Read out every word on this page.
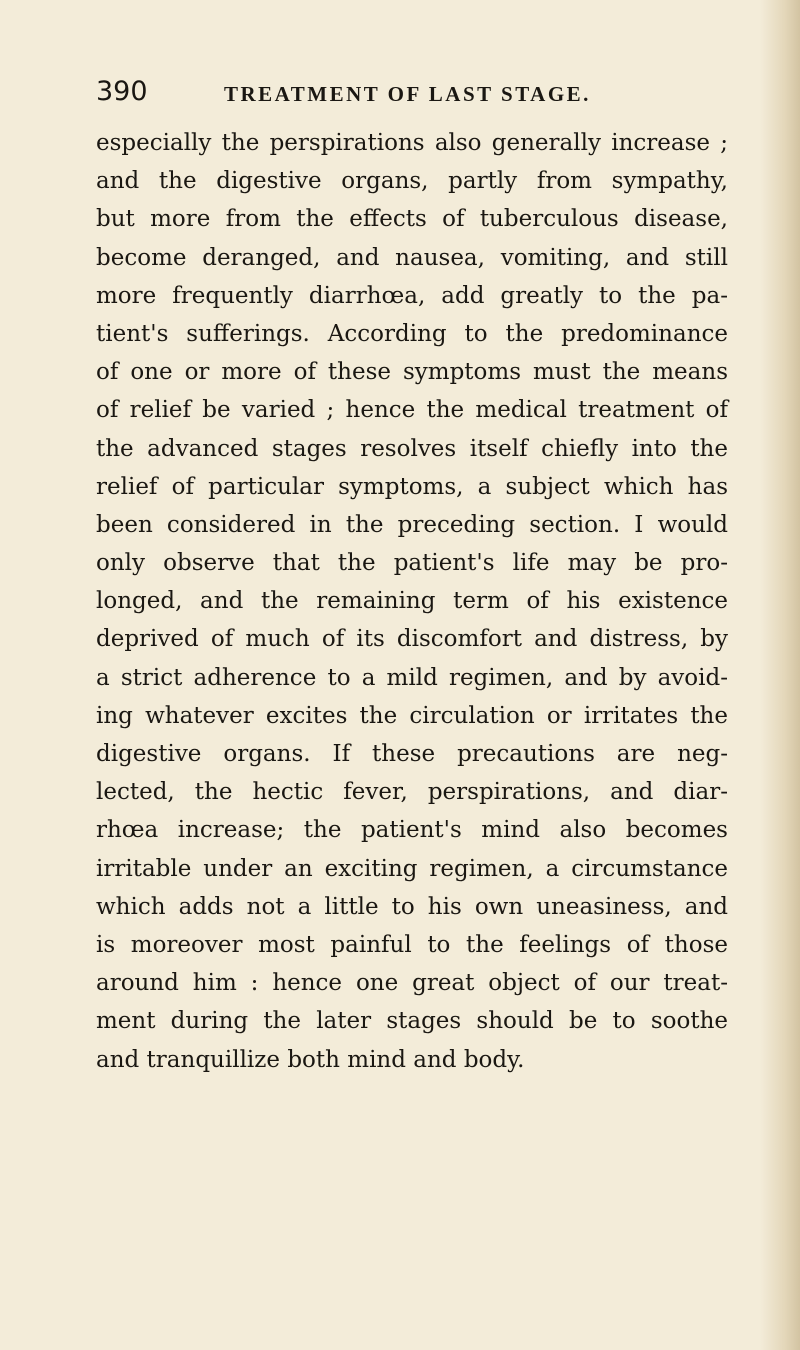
390	TREATMENT OF LAST STAGE.
especially the perspirations also generally increase ;
and the digestive organs, partly from sympathy,
but more from the effects of tuberculous disease,
become deranged, and nausea, vomiting, and still
more frequently diarrhœa, add greatly to the pa-
tient's sufferings. According to the predominance
of one or more of these symptoms must the means
of relief be varied ; hence the medical treatment of
the advanced stages resolves itself chiefly into the
relief of particular symptoms, a subject which has
been considered in the preceding section. I would
only observe that the patient's life may be pro-
longed, and the remaining term of his existence
deprived of much of its discomfort and distress, by
a strict adherence to a mild regimen, and by avoid-
ing whatever excites the circulation or irritates the
digestive organs. If these precautions are neg-
lected, the hectic fever, perspirations, and diar-
rhœa increase; the patient's mind also becomes
irritable under an exciting regimen, a circumstance
which adds not a little to his own uneasiness, and
is moreover most painful to the feelings of those
around him : hence one great object of our treat-
ment during the later stages should be to soothe
and tranquillize both mind and body.
